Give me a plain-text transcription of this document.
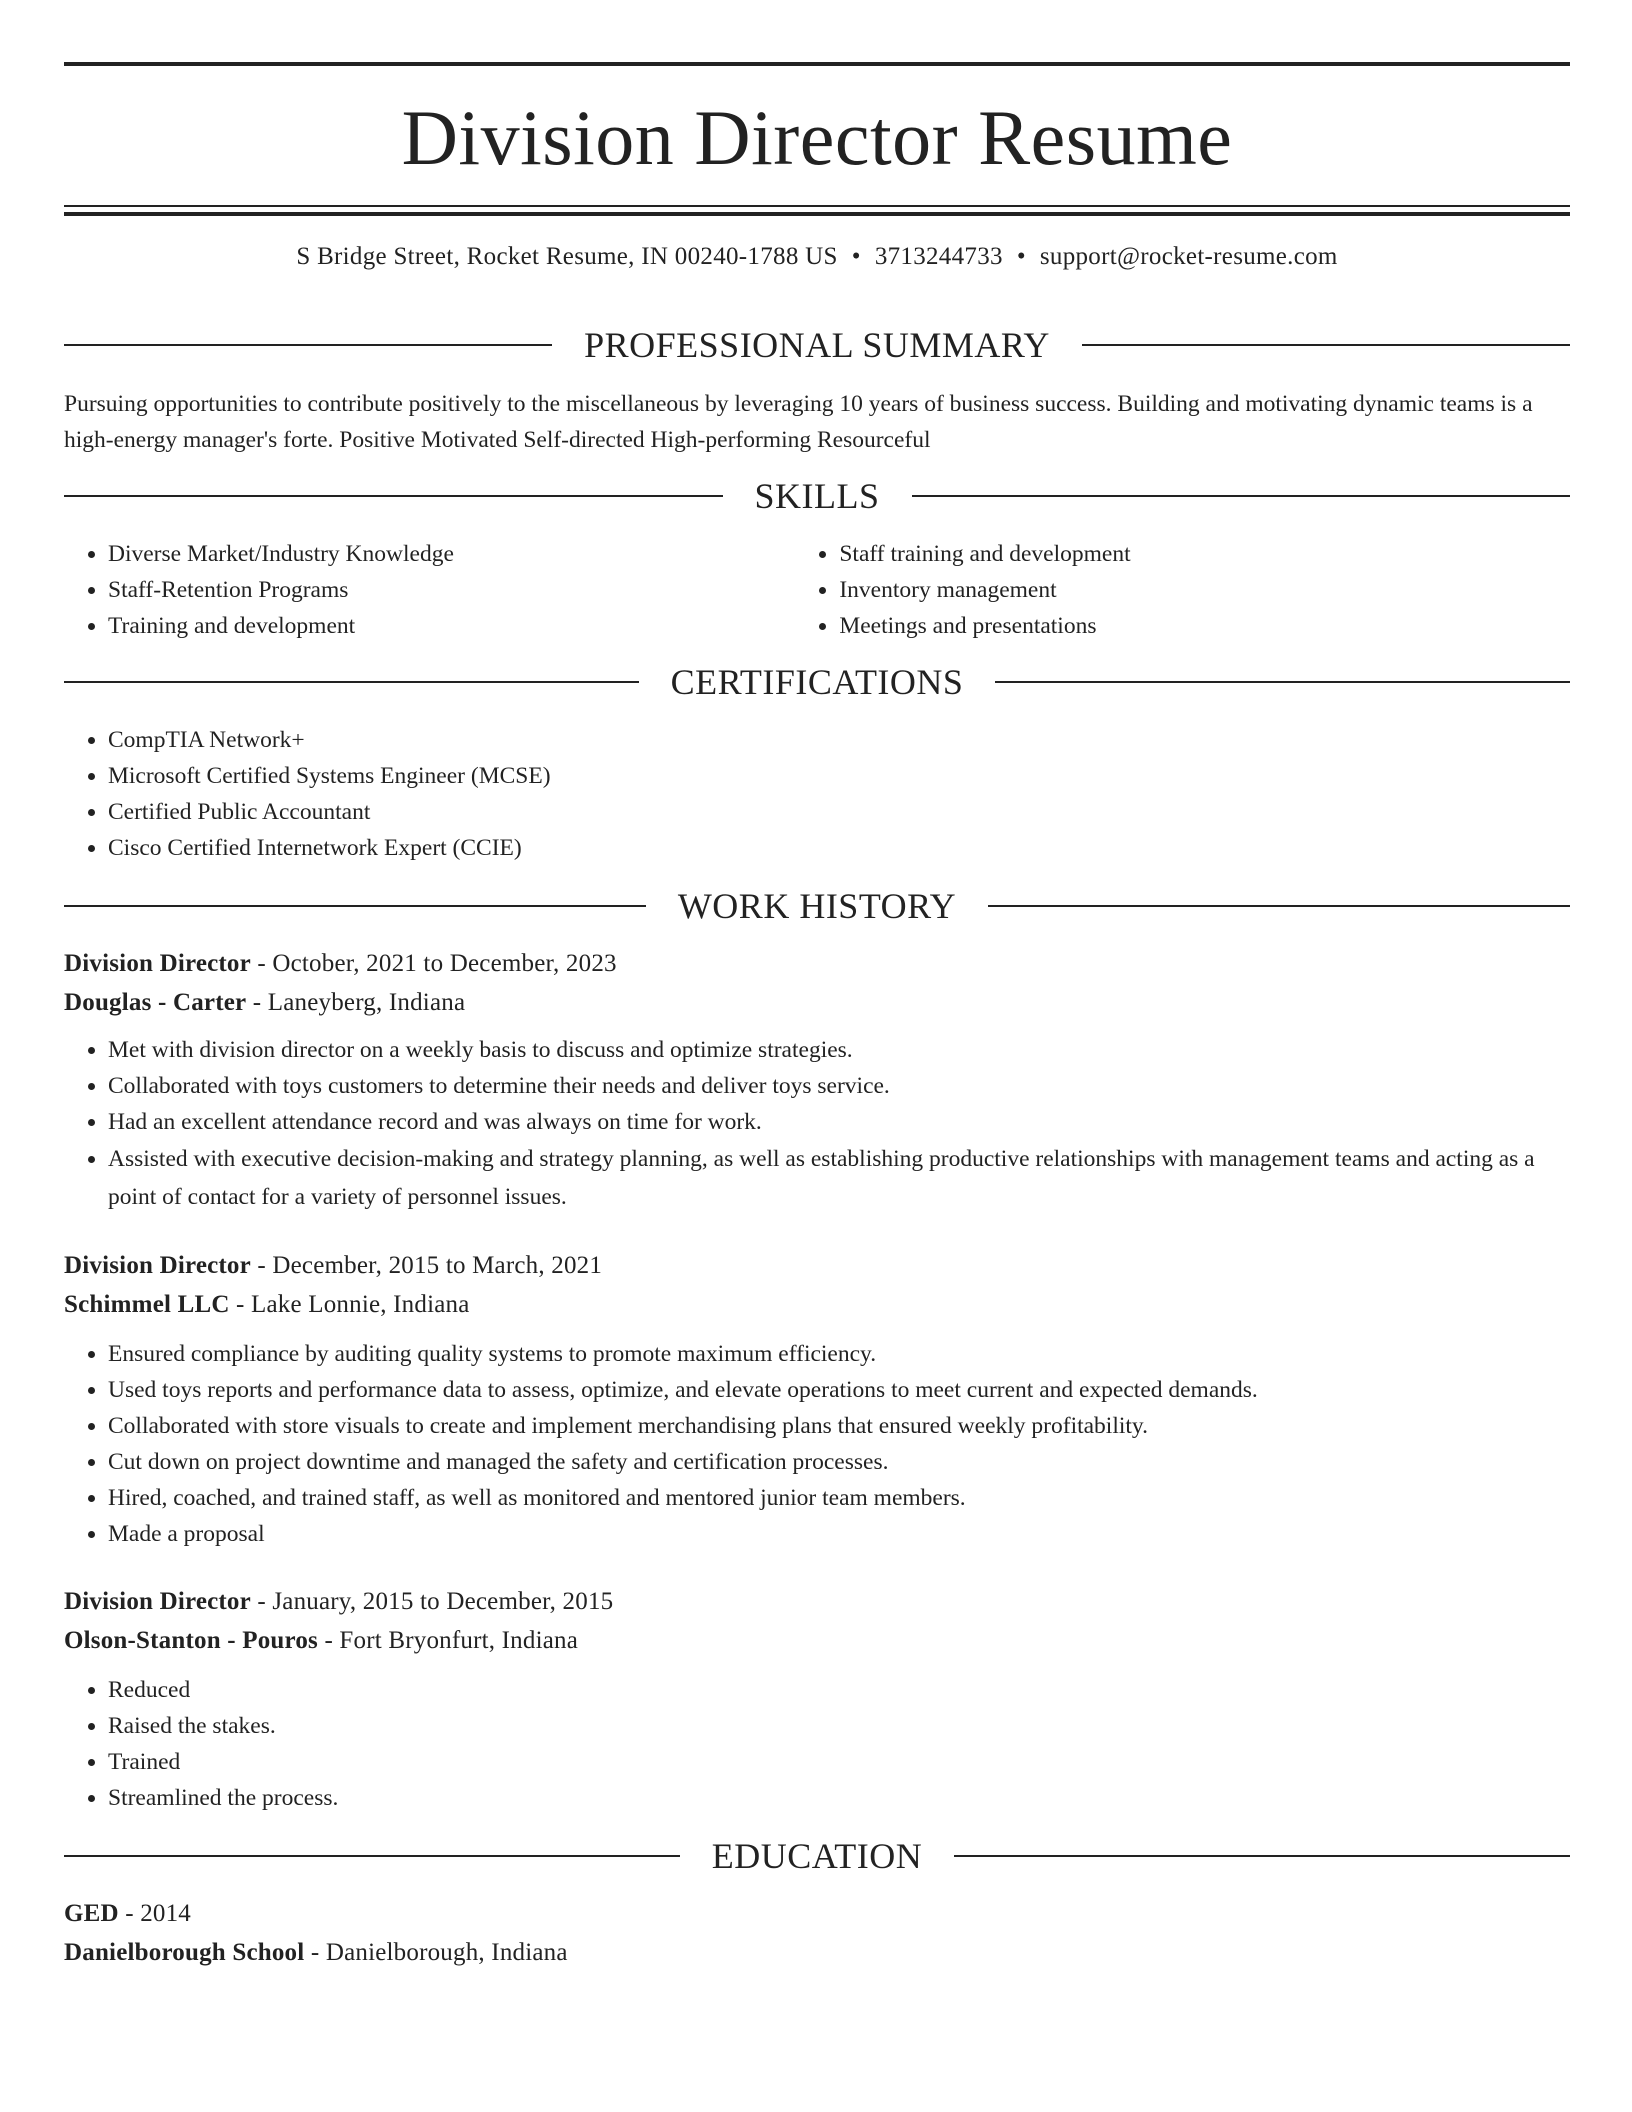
Division Director Resume
S Bridge Street, Rocket Resume, IN 00240-1788 US • 3713244733 • support@rocket-resume.com
PROFESSIONAL SUMMARY

Pursuing opportunities to contribute positively to the miscellaneous by leveraging 10 years of business success. Building and motivating dynamic teams is a high-energy manager's forte. Positive Motivated Self-directed High-performing Resourceful

SKILLS
• Diverse Market/Industry Knowledge
• Staff-Retention Programs
• Training and development
• Staff training and development
• Inventory management
• Meetings and presentations
CERTIFICATIONS
• CompTIA Network+
• Microsoft Certified Systems Engineer (MCSE)
• Certified Public Accountant
• Cisco Certified Internetwork Expert (CCIE)
WORK HISTORY
Division Director - October, 2021 to December, 2023
Douglas - Carter - Laneyberg, Indiana
• Met with division director on a weekly basis to discuss and optimize strategies.
• Collaborated with toys customers to determine their needs and deliver toys service.
• Had an excellent attendance record and was always on time for work.
• Assisted with executive decision-making and strategy planning, as well as establishing productive relationships with management teams and acting as a point of contact for a variety of personnel issues.
Division Director - December, 2015 to March, 2021
Schimmel LLC - Lake Lonnie, Indiana
• Ensured compliance by auditing quality systems to promote maximum efficiency.
• Used toys reports and performance data to assess, optimize, and elevate operations to meet current and expected demands.
• Collaborated with store visuals to create and implement merchandising plans that ensured weekly profitability.
• Cut down on project downtime and managed the safety and certification processes.
• Hired, coached, and trained staff, as well as monitored and mentored junior team members.
• Made a proposal
Division Director - January, 2015 to December, 2015
Olson-Stanton - Pouros - Fort Bryonfurt, Indiana
• Reduced
• Raised the stakes.
• Trained
• Streamlined the process.
EDUCATION
GED - 2014
Danielborough School - Danielborough, Indiana
